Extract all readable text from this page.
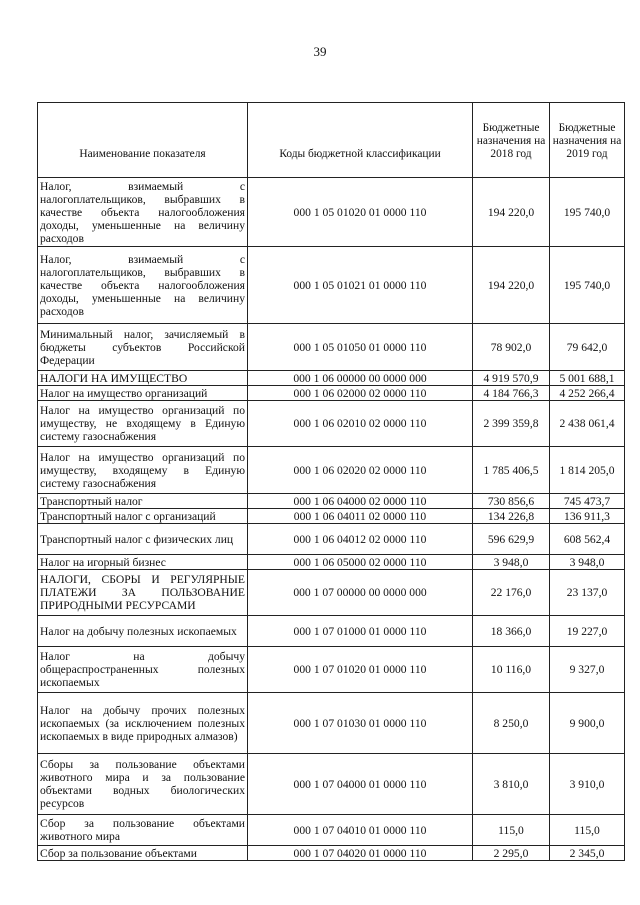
39
Наименование показателя	Коды бюджетной классификации	Бюджетные назначения на 2018 год	Бюджетные назначения на 2019 год
Налог, взимаемый с налогоплательщиков, выбравших в качестве объекта налогообложения доходы, уменьшенные на величину расходов	000 1 05 01020 01 0000 110	194 220,0	195 740,0
Налог, взимаемый с налогоплательщиков, выбравших в качестве объекта налогообложения доходы, уменьшенные на величину расходов	000 1 05 01021 01 0000 110	194 220,0	195 740,0
Минимальный налог, зачисляемый в бюджеты субъектов Российской Федерации	000 1 05 01050 01 0000 110	78 902,0	79 642,0
НАЛОГИ НА ИМУЩЕСТВО	000 1 06 00000 00 0000 000	4 919 570,9	5 001 688,1
Налог на имущество организаций	000 1 06 02000 02 0000 110	4 184 766,3	4 252 266,4
Налог на имущество организаций по имуществу, не входящему в Единую систему газоснабжения	000 1 06 02010 02 0000 110	2 399 359,8	2 438 061,4
Налог на имущество организаций по имуществу, входящему в Единую систему газоснабжения	000 1 06 02020 02 0000 110	1 785 406,5	1 814 205,0
Транспортный налог	000 1 06 04000 02 0000 110	730 856,6	745 473,7
Транспортный налог с организаций	000 1 06 04011 02 0000 110	134 226,8	136 911,3
Транспортный налог с физических лиц	000 1 06 04012 02 0000 110	596 629,9	608 562,4
Налог на игорный бизнес	000 1 06 05000 02 0000 110	3 948,0	3 948,0
НАЛОГИ, СБОРЫ И РЕГУЛЯРНЫЕ ПЛАТЕЖИ ЗА ПОЛЬЗОВАНИЕ ПРИРОДНЫМИ РЕСУРСАМИ	000 1 07 00000 00 0000 000	22 176,0	23 137,0
Налог на добычу полезных ископаемых	000 1 07 01000 01 0000 110	18 366,0	19 227,0
Налог на добычу общераспространенных полезных ископаемых	000 1 07 01020 01 0000 110	10 116,0	9 327,0
Налог на добычу прочих полезных ископаемых (за исключением полезных ископаемых в виде природных алмазов)	000 1 07 01030 01 0000 110	8 250,0	9 900,0
Сборы за пользование объектами животного мира и за пользование объектами водных биологических ресурсов	000 1 07 04000 01 0000 110	3 810,0	3 910,0
Сбор за пользование объектами животного мира	000 1 07 04010 01 0000 110	115,0	115,0
Сбор за пользование объектами	000 1 07 04020 01 0000 110	2 295,0	2 345,0
